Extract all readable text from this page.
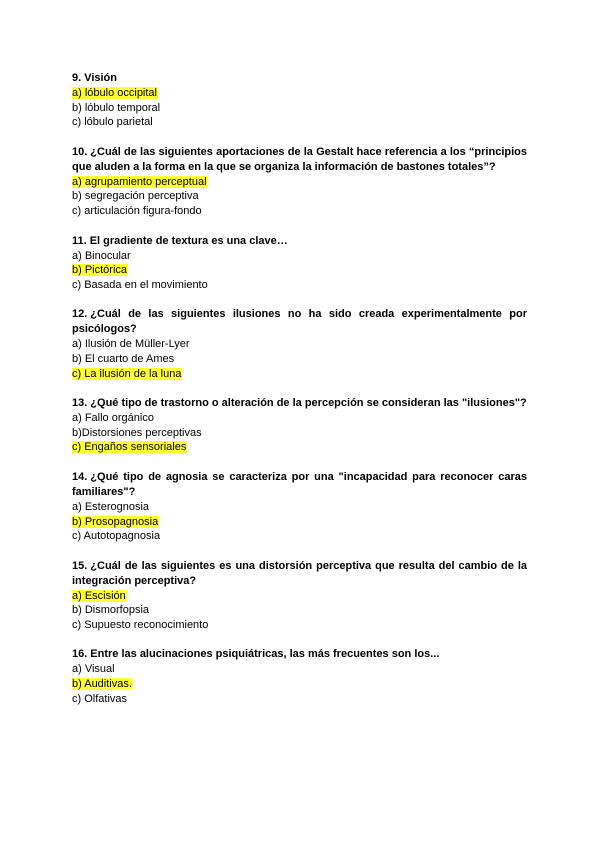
9. Visión
a) lóbulo occipital
b) lóbulo temporal
c) lóbulo parietal
10. ¿Cuál de las siguientes aportaciones de la Gestalt hace referencia a los “principios que aluden a la forma en la que se organiza la información de bastones totales”?
a) agrupamiento perceptual
b) segregación perceptiva
c) articulación figura-fondo
11. El gradiente de textura es una clave…
a) Binocular
b) Pictórica
c) Basada en el movimiento
12. ¿Cuál de las siguientes ilusiones no ha sido creada experimentalmente por psicólogos?
a) Ilusión de Müller-Lyer
b) El cuarto de Ames
c) La ilusión de la luna
13. ¿Qué tipo de trastorno o alteración de la percepción se consideran las "ilusiones"?
a) Fallo orgánico
b)Distorsiones perceptivas
c) Engaños sensoriales
14. ¿Qué tipo de agnosia se caracteriza por una "incapacidad para reconocer caras familiares"?
a) Esterognosia
b) Prosopagnosia
c) Autotopagnosia
15. ¿Cuál de las siguientes es una distorsión perceptiva que resulta del cambio de la integración perceptiva?
a) Escisión
b) Dismorfopsia
c) Supuesto reconocimiento
16. Entre las alucinaciones psiquiátricas, las más frecuentes son los...
a) Visual
b) Auditivas.
c) Olfativas
